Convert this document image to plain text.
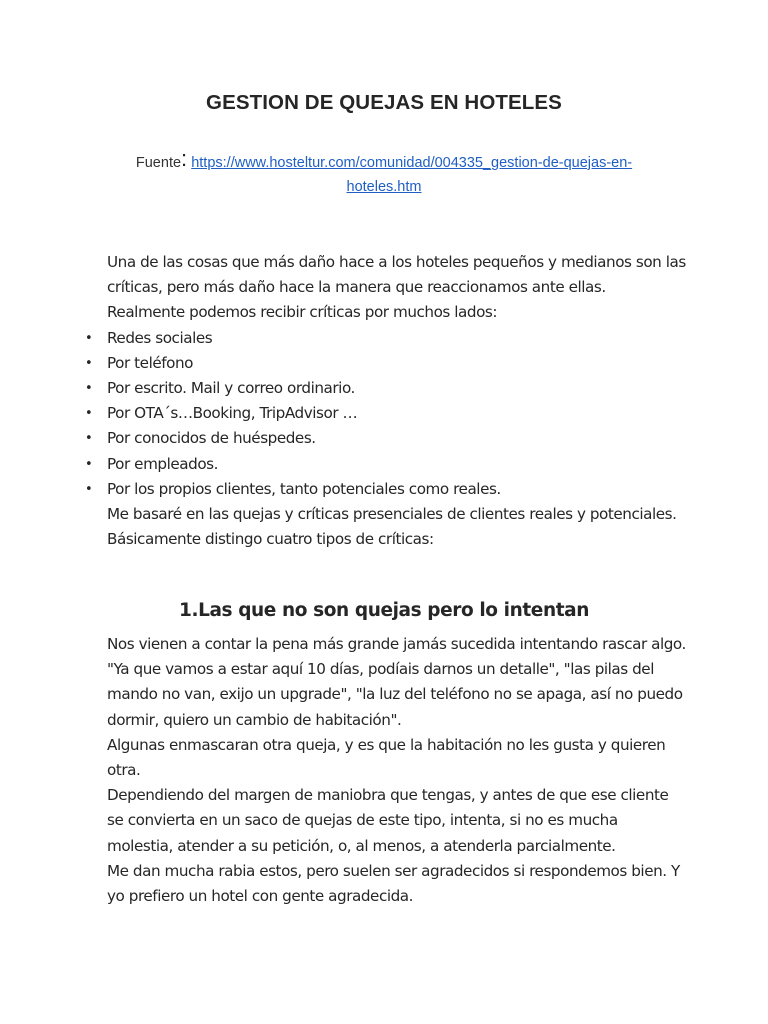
GESTION DE QUEJAS EN HOTELES
Fuente: https://www.hosteltur.com/comunidad/004335_gestion-de-quejas-en-
hoteles.htm

Una de las cosas que más daño hace a los hoteles pequeños y medianos son las críticas, pero más daño hace la manera que reaccionamos ante ellas.

Realmente podemos recibir críticas por muchos lados:

• Redes sociales
• Por teléfono
• Por escrito. Mail y correo ordinario.
• Por OTA´s…Booking, TripAdvisor …
• Por conocidos de huéspedes.
• Por empleados.
• Por los propios clientes, tanto potenciales como reales.

Me basaré en las quejas y críticas presenciales de clientes reales y potenciales.

Básicamente distingo cuatro tipos de críticas:

1.Las que no son quejas pero lo intentan

Nos vienen a contar la pena más grande jamás sucedida intentando rascar algo. "Ya que vamos a estar aquí 10 días, podíais darnos un detalle", "las pilas del mando no van, exijo un upgrade", "la luz del teléfono no se apaga, así no puedo dormir, quiero un cambio de habitación".

Algunas enmascaran otra queja, y es que la habitación no les gusta y quieren otra.

Dependiendo del margen de maniobra que tengas, y antes de que ese cliente se convierta en un saco de quejas de este tipo, intenta, si no es mucha molestia, atender a su petición, o, al menos, a atenderla parcialmente.

Me dan mucha rabia estos, pero suelen ser agradecidos si respondemos bien. Y yo prefiero un hotel con gente agradecida.
